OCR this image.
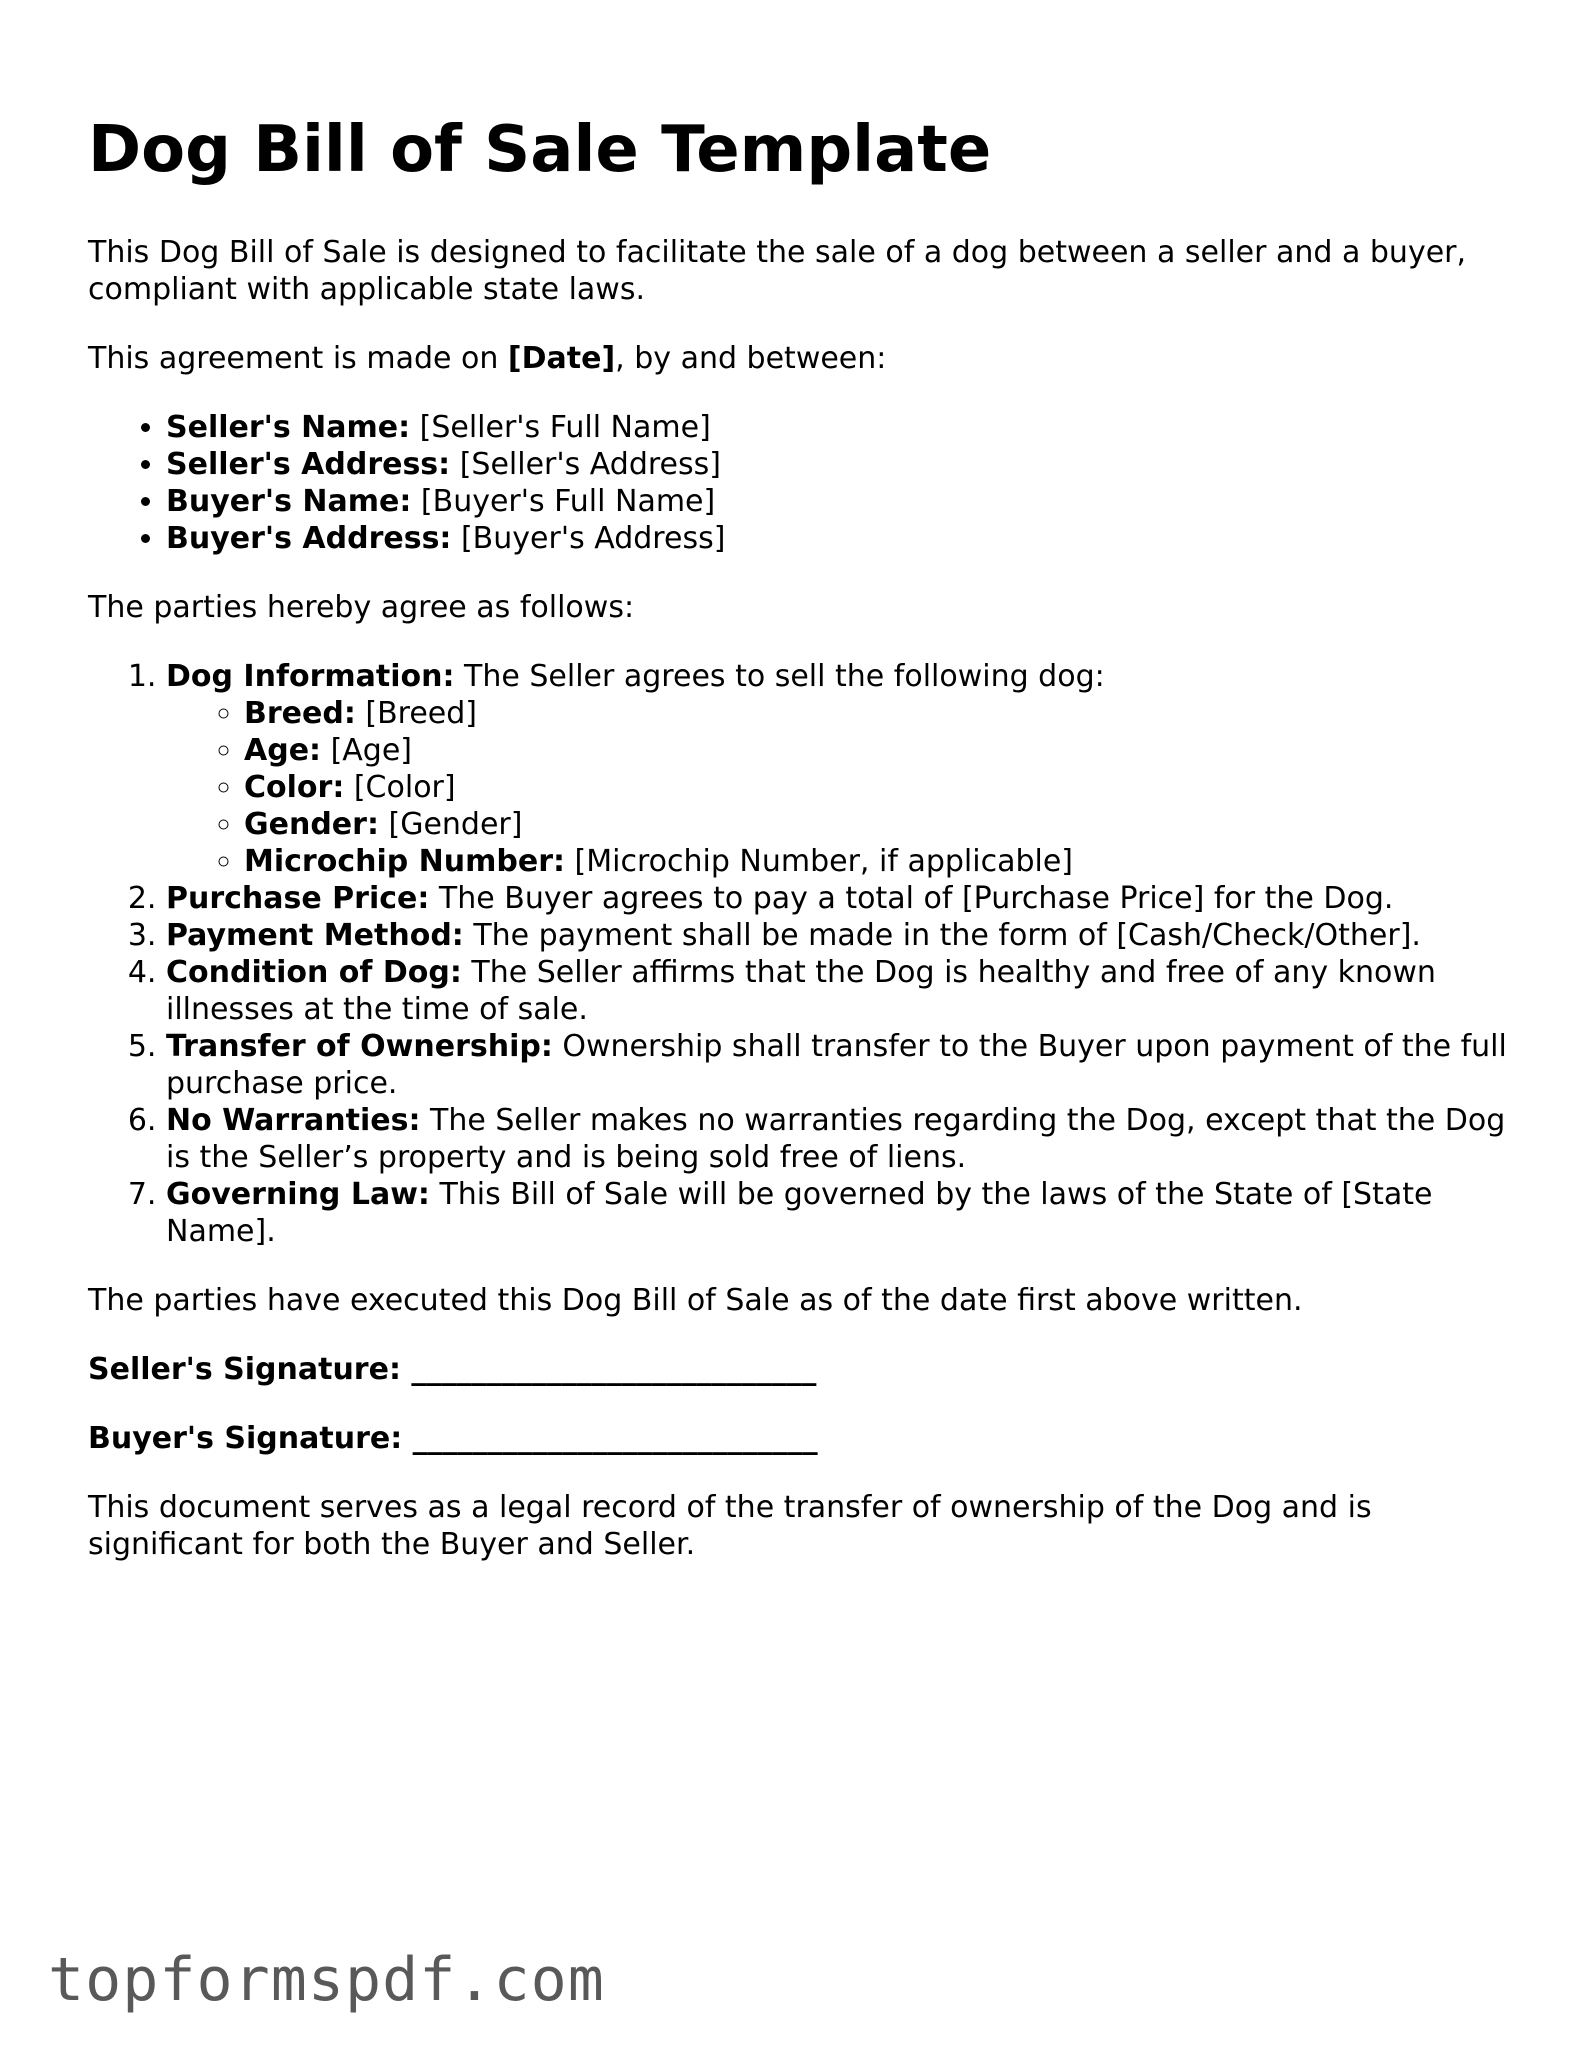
Dog Bill of Sale Template

This Dog Bill of Sale is designed to facilitate the sale of a dog between a seller and a buyer, compliant with applicable state laws.

This agreement is made on [Date], by and between:

• Seller's Name: [Seller's Full Name]
• Seller's Address: [Seller's Address]
• Buyer's Name: [Buyer's Full Name]
• Buyer's Address: [Buyer's Address]

The parties hereby agree as follows:

1. Dog Information: The Seller agrees to sell the following dog:
◦ Breed: [Breed]
◦ Age: [Age]
◦ Color: [Color]
◦ Gender: [Gender]
◦ Microchip Number: [Microchip Number, if applicable]
2. Purchase Price: The Buyer agrees to pay a total of [Purchase Price] for the Dog.
3. Payment Method: The payment shall be made in the form of [Cash/Check/Other].
4. Condition of Dog: The Seller affirms that the Dog is healthy and free of any known illnesses at the time of sale.
5. Transfer of Ownership: Ownership shall transfer to the Buyer upon payment of the full purchase price.
6. No Warranties: The Seller makes no warranties regarding the Dog, except that the Dog is the Seller’s property and is being sold free of liens.
7. Governing Law: This Bill of Sale will be governed by the laws of the State of [State Name].

The parties have executed this Dog Bill of Sale as of the date first above written.

Seller's Signature: ___________________________

Buyer's Signature: ___________________________

This document serves as a legal record of the transfer of ownership of the Dog and is significant for both the Buyer and Seller.

topformspdf.com
